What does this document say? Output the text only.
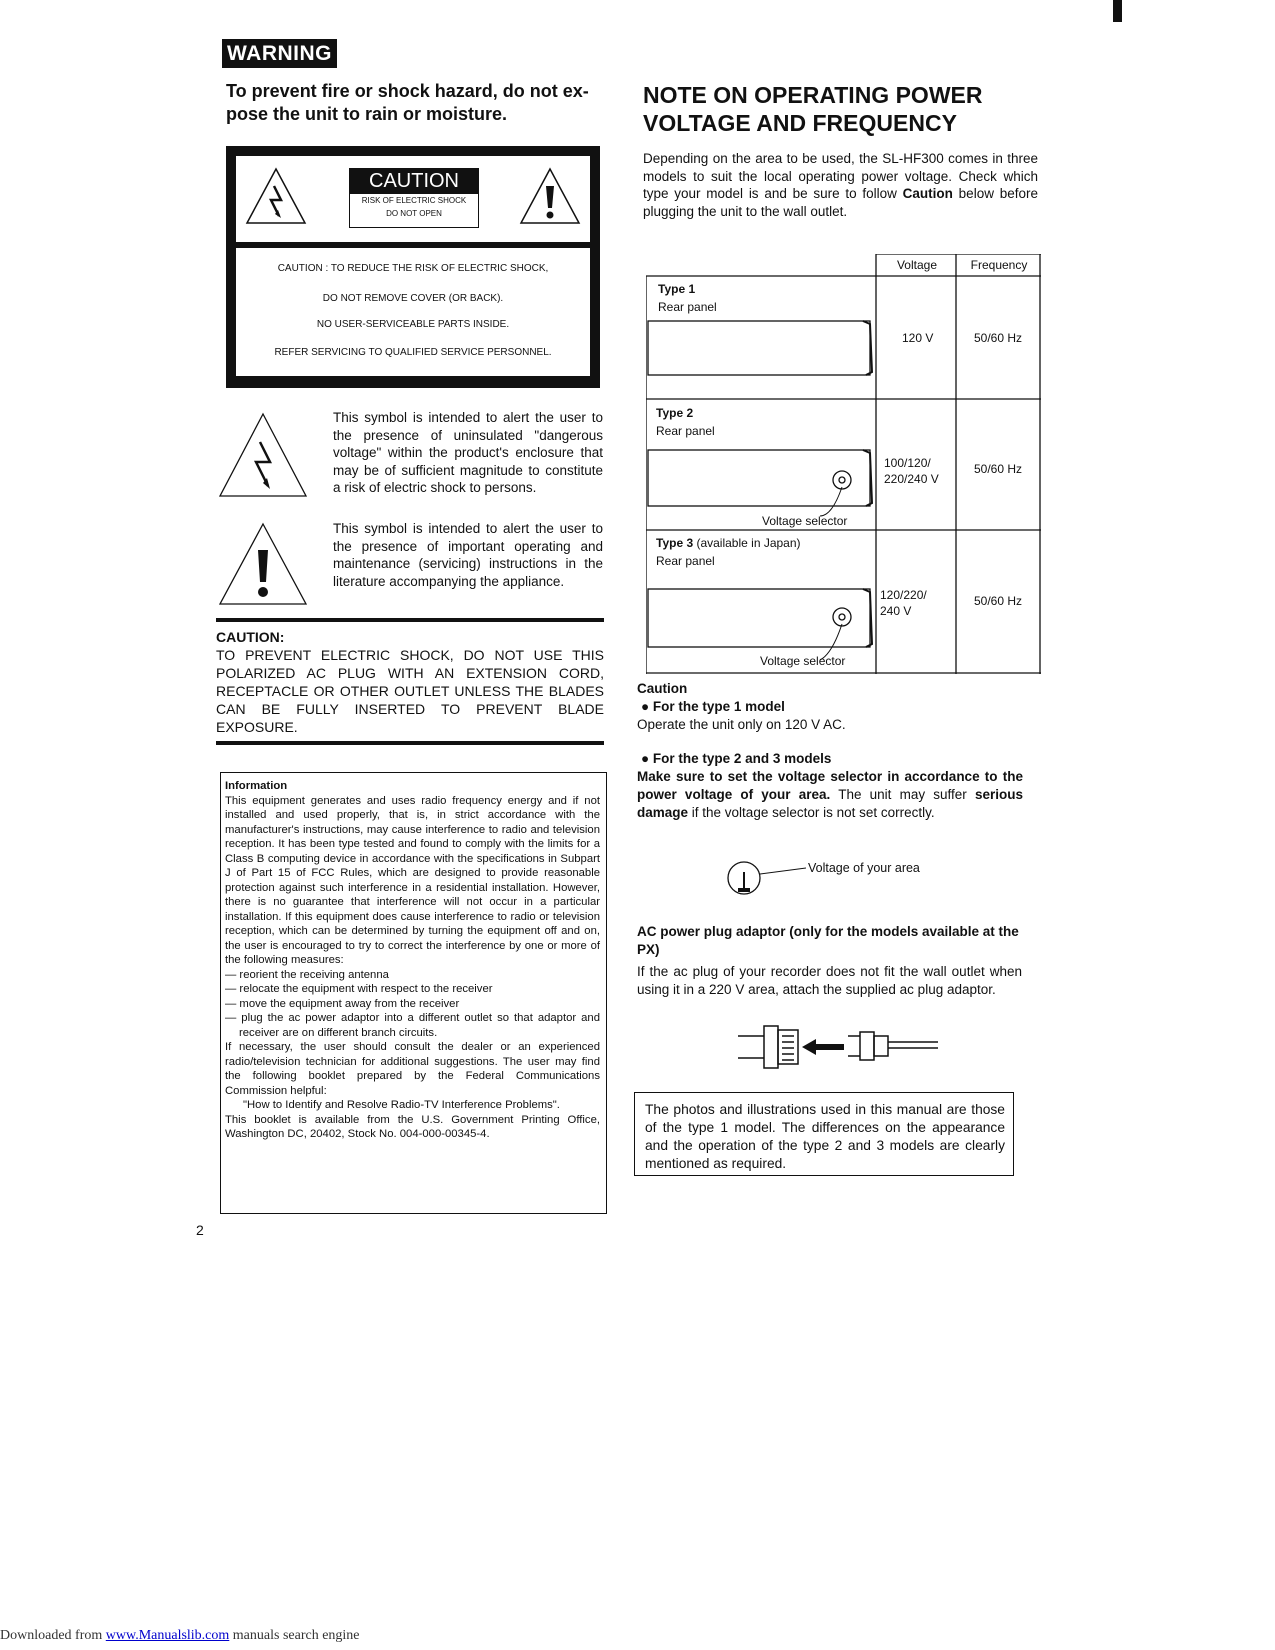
WARNING
To prevent fire or shock hazard, do not ex-
pose the unit to rain or moisture.
CAUTION
RISK OF ELECTRIC SHOCK
DO NOT OPEN
CAUTION : TO REDUCE THE RISK OF ELECTRIC SHOCK,
DO NOT REMOVE COVER (OR BACK).
NO USER-SERVICEABLE PARTS INSIDE.
REFER SERVICING TO QUALIFIED SERVICE PERSONNEL.
This symbol is intended to alert the user to the presence of uninsulated "dangerous voltage" within the product's enclosure that may be of sufficient magnitude to constitute a risk of electric shock to persons.
This symbol is intended to alert the user to the presence of important operating and maintenance (servicing) instructions in the literature accompanying the appliance.
CAUTION:
TO PREVENT ELECTRIC SHOCK, DO NOT USE THIS POLARIZED AC PLUG WITH AN EXTENSION CORD, RECEPTACLE OR OTHER OUTLET UNLESS THE BLADES CAN BE FULLY INSERTED TO PREVENT BLADE EXPOSURE.
Information
This equipment generates and uses radio frequency energy and if not installed and used properly, that is, in strict accordance with the manufacturer's instructions, may cause interference to radio and television reception. It has been type tested and found to comply with the limits for a Class B computing device in accordance with the specifications in Subpart J of Part 15 of FCC Rules, which are designed to provide reasonable protection against such interference in a residential installation. However, there is no guarantee that interference will not occur in a particular installation. If this equipment does cause interference to radio or television reception, which can be determined by turning the equipment off and on, the user is encouraged to try to correct the interference by one or more of the following measures:
— reorient the receiving antenna
— relocate the equipment with respect to the receiver
— move the equipment away from the receiver
— plug the ac power adaptor into a different outlet so that adaptor and receiver are on different branch circuits.
If necessary, the user should consult the dealer or an experienced radio/television technician for additional suggestions. The user may find the following booklet prepared by the Federal Communications Commission helpful:
"How to Identify and Resolve Radio-TV Interference Problems".
This booklet is available from the U.S. Government Printing Office, Washington DC, 20402, Stock No. 004-000-00345-4.
2
NOTE ON OPERATING POWER
VOLTAGE AND FREQUENCY
Depending on the area to be used, the SL-HF300 comes in three models to suit the local operating power voltage. Check which type your model is and be sure to follow Caution below before plugging the unit to the wall outlet.
Voltage	Frequency
Type 1
Rear panel
120 V	50/60 Hz
Type 2
Rear panel
100/120/
220/240 V
50/60 Hz
Voltage selector
Type 3 (available in Japan)
Rear panel
120/220/
240 V
50/60 Hz
Voltage selector
Caution
● For the type 1 model
Operate the unit only on 120 V AC.
● For the type 2 and 3 models
Make sure to set the voltage selector in accordance to the power voltage of your area. The unit may suffer serious damage if the voltage selector is not set correctly.
Voltage of your area
AC power plug adaptor (only for the models available at the PX)
If the ac plug of your recorder does not fit the wall outlet when using it in a 220 V area, attach the supplied ac plug adaptor.
The photos and illustrations used in this manual are those of the type 1 model. The differences on the appearance and the operation of the type 2 and 3 models are clearly mentioned as required.
Downloaded from www.Manualslib.com manuals search engine
